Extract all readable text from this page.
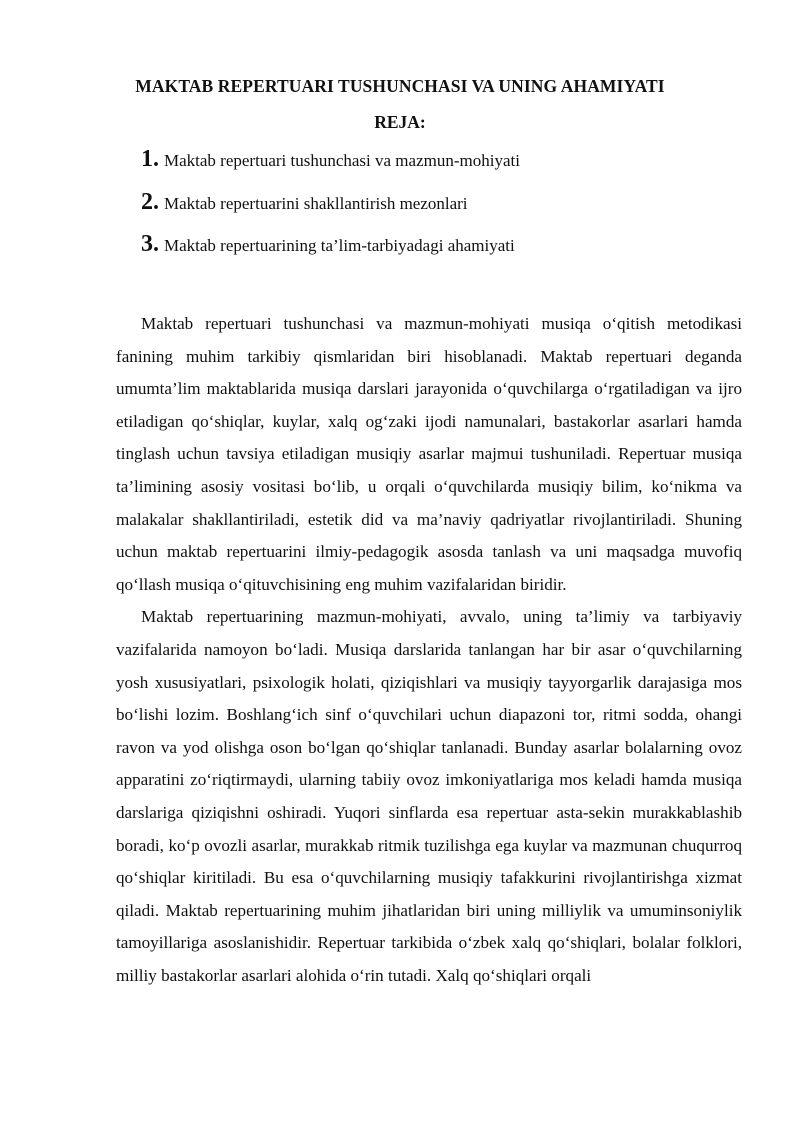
MAKTAB REPERTUARI TUSHUNCHASI VA UNING AHAMIYATI
REJA:
1 . Maktab repertuari tushunchasi va mazmun-mohiyati
2 . Maktab repertuarini shakllantirish mezonlari
3 . Maktab repertuarining ta’lim-tarbiyadagi ahamiyati

Maktab repertuari tushunchasi va mazmun-mohiyati musiqa o‘qitish metodikasi fanining muhim tarkibiy qismlaridan biri hisoblanadi. Maktab repertuari deganda umumta’lim maktablarida musiqa darslari jarayonida o‘quvchilarga o‘rgatiladigan va ijro etiladigan qo‘shiqlar, kuylar, xalq og‘zaki ijodi namunalari, bastakorlar asarlari hamda tinglash uchun tavsiya etiladigan musiqiy asarlar majmui tushuniladi. Repertuar musiqa ta’limining asosiy vositasi bo‘lib, u orqali o‘quvchilarda musiqiy bilim, ko‘nikma va malakalar shakllantiriladi, estetik did va ma’naviy qadriyatlar rivojlantiriladi. Shuning uchun maktab repertuarini ilmiy-pedagogik asosda tanlash va uni maqsadga muvofiq qo‘llash musiqa o‘qituvchisining eng muhim vazifalaridan biridir.

Maktab repertuarining mazmun-mohiyati, avvalo, uning ta’limiy va tarbiyaviy vazifalarida namoyon bo‘ladi. Musiqa darslarida tanlangan har bir asar o‘quvchilarning yosh xususiyatlari, psixologik holati, qiziqishlari va musiqiy tayyorgarlik darajasiga mos bo‘lishi lozim. Boshlang‘ich sinf o‘quvchilari uchun diapazoni tor, ritmi sodda, ohangi ravon va yod olishga oson bo‘lgan qo‘shiqlar tanlanadi. Bunday asarlar bolalarning ovoz apparatini zo‘riqtirmaydi, ularning tabiiy ovoz imkoniyatlariga mos keladi hamda musiqa darslariga qiziqishni oshiradi. Yuqori sinflarda esa repertuar asta-sekin murakkablashib boradi, ko‘p ovozli asarlar, murakkab ritmik tuzilishga ega kuylar va mazmunan chuqurroq qo‘shiqlar kiritiladi. Bu esa o‘quvchilarning musiqiy tafakkurini rivojlantirishga xizmat qiladi. Maktab repertuarining muhim jihatlaridan biri uning milliylik va umuminsoniylik tamoyillariga asoslanishidir. Repertuar tarkibida o‘zbek xalq qo‘shiqlari, bolalar folklori, milliy bastakorlar asarlari alohida o‘rin tutadi. Xalq qo‘shiqlari orqali
